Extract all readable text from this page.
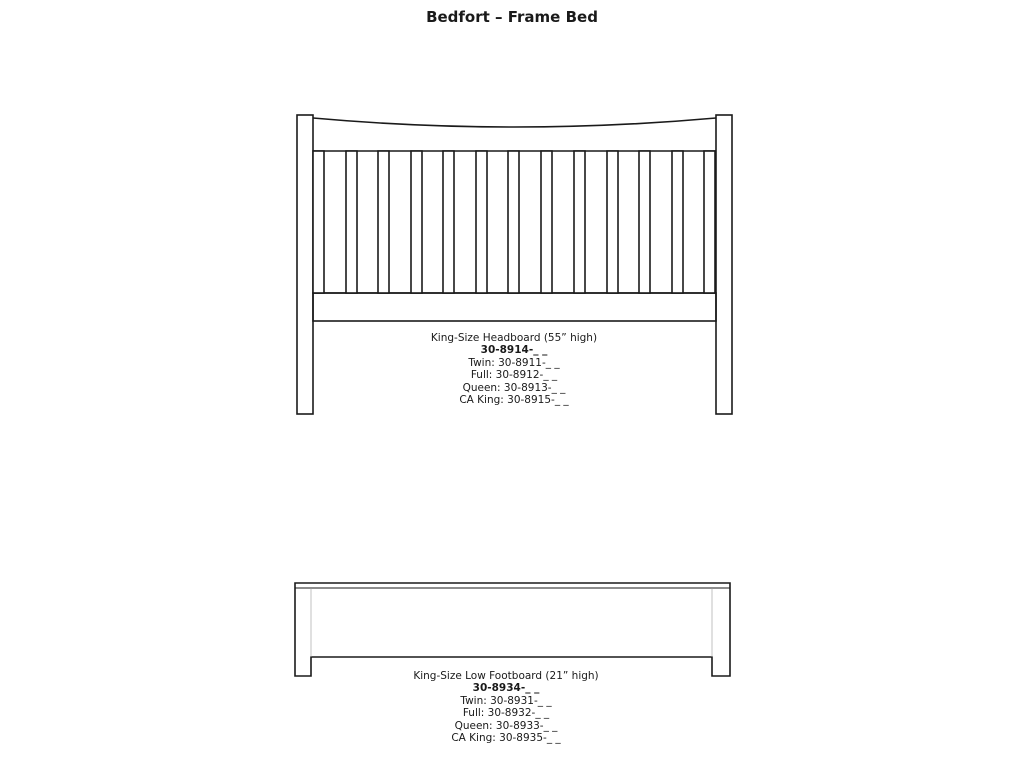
Bedfort – Frame Bed
King-Size Headboard (55” high)
30-8914-_ _
Twin: 30-8911-_ _
Full: 30-8912-_ _
Queen: 30-8913-_ _
CA King: 30-8915-_ _
King-Size Low Footboard (21” high)
30-8934-_ _
Twin: 30-8931-_ _
Full: 30-8932-_ _
Queen: 30-8933-_ _
CA King: 30-8935-_ _
